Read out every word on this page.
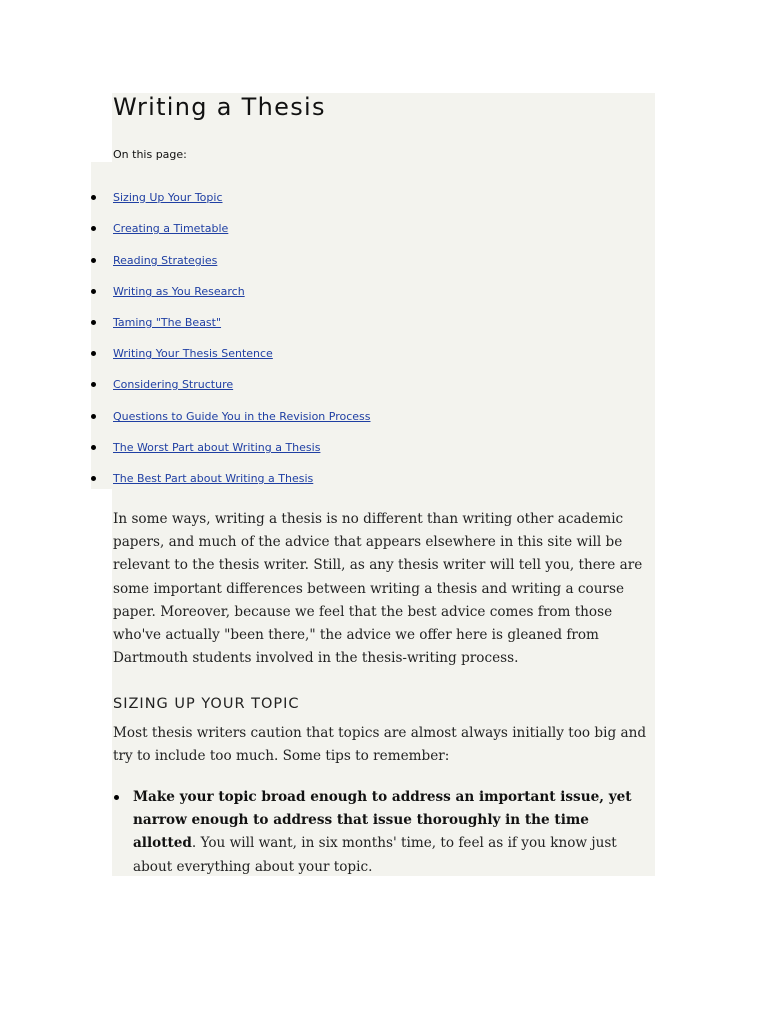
Writing a Thesis
On this page:
Sizing Up Your Topic
Creating a Timetable
Reading Strategies
Writing as You Research
Taming "The Beast"
Writing Your Thesis Sentence
Considering Structure
Questions to Guide You in the Revision Process
The Worst Part about Writing a Thesis
The Best Part about Writing a Thesis

In some ways, writing a thesis is no different than writing other academic papers, and much of the advice that appears elsewhere in this site will be relevant to the thesis writer. Still, as any thesis writer will tell you, there are some important differences between writing a thesis and writing a course paper. Moreover, because we feel that the best advice comes from those who've actually "been there," the advice we offer here is gleaned from Dartmouth students involved in the thesis-writing process.

SIZING UP YOUR TOPIC

Most thesis writers caution that topics are almost always initially too big and try to include too much. Some tips to remember:

Make your topic broad enough to address an important issue, yet narrow enough to address that issue thoroughly in the time allotted. You will want, in six months' time, to feel as if you know just about everything about your topic.
